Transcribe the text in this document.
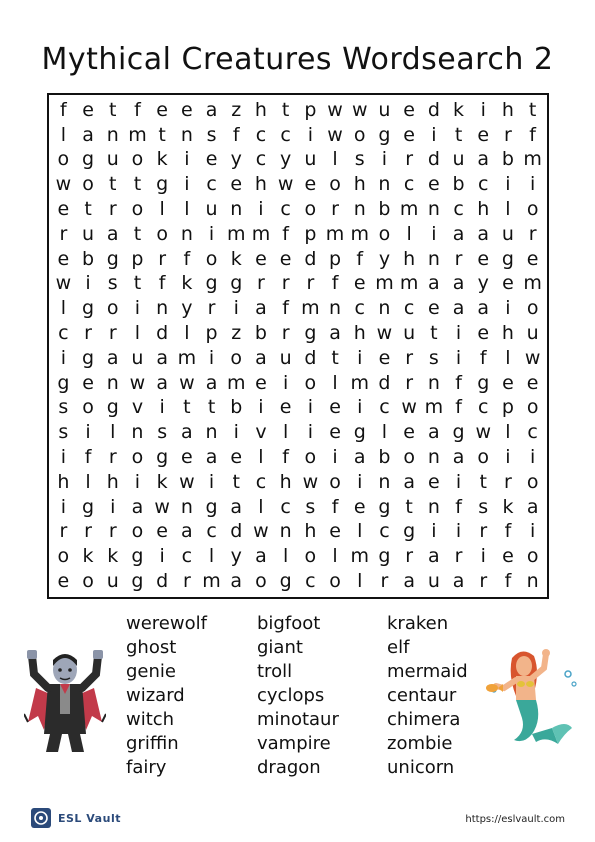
Mythical Creatures Wordsearch 2
f e t f e e a z h t p w w u e d k i h t
l a n m t n s f c c i w o g e i t e r f
o g u o k i e y c y u l s i r d u a b m
w o t t g i c e h w e o h n c e b c i	i
e t r o l	l u n i c o r n b m n c h l o
r u a t o n i m m f p m m o l	i a a u r
e b g p r f o k e e d p f y h n r e g e
w i s t f k g g r r r f e m m a a y e m
l g o i n y r i a f m n c n c e a a i o
c r r l d l p z b r g a h w u t i e h u
i g a u a m i o a u d t i e r s i f l w
g e n w a w a m e i o l m d r n f g e e
s o g v i t t b i e i e i c w m f c p o
s i	l n s a n i v l	i e g l e a g w l c
i f r o g e a e l f o i a b o n a o i	i
h l h i k w i t c h w o i n a e i t r o
i g i a w n g a l c s f e g t n f s k a
r r r o e a c d w n h e l c g i	i r f i
o k k g i c l y a l o l m g r a r i e o
e o u g d r m a o g c o l r a u a r f n
werewolf
ghost
genie
wizard
witch
griffin
fairy
bigfoot
giant
troll
cyclops
minotaur
vampire
dragon
kraken
elf
mermaid
centaur
chimera
zombie
unicorn
ESL Vault	https://eslvault.com
